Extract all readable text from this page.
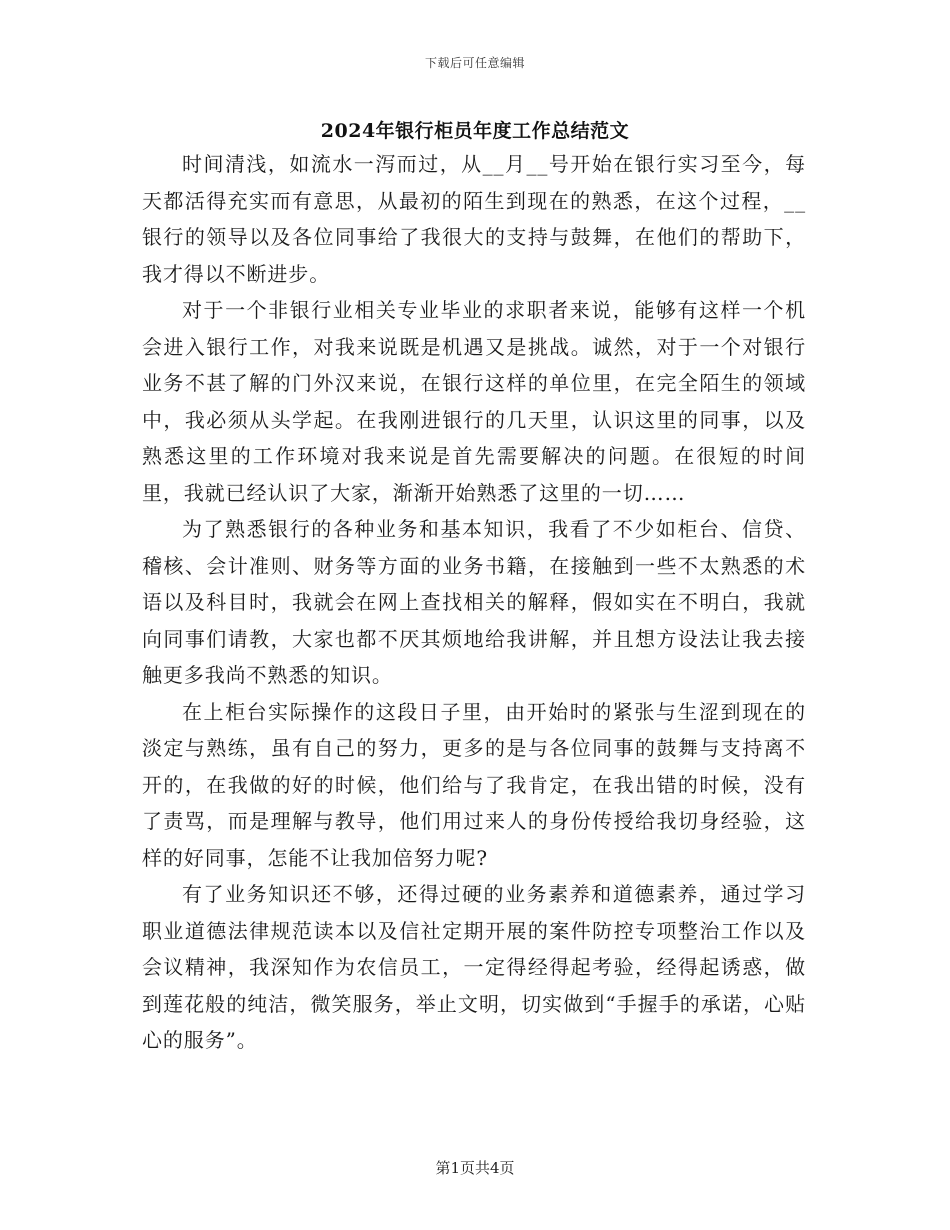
下载后可任意编辑
2024年银行柜员年度工作总结范文

时间清浅，如流水一泻而过，从__月__号开始在银行实习至今，每天都活得充实而有意思，从最初的陌生到现在的熟悉，在这个过程，__银行的领导以及各位同事给了我很大的支持与鼓舞，在他们的帮助下，我才得以不断进步。

对于一个非银行业相关专业毕业的求职者来说，能够有这样一个机会进入银行工作，对我来说既是机遇又是挑战。诚然，对于一个对银行业务不甚了解的门外汉来说，在银行这样的单位里，在完全陌生的领域中，我必须从头学起。在我刚进银行的几天里，认识这里的同事，以及熟悉这里的工作环境对我来说是首先需要解决的问题。在很短的时间里，我就已经认识了大家，渐渐开始熟悉了这里的一切……

为了熟悉银行的各种业务和基本知识，我看了不少如柜台、信贷、稽核、会计准则、财务等方面的业务书籍，在接触到一些不太熟悉的术语以及科目时，我就会在网上查找相关的解释，假如实在不明白，我就向同事们请教，大家也都不厌其烦地给我讲解，并且想方设法让我去接触更多我尚不熟悉的知识。

在上柜台实际操作的这段日子里，由开始时的紧张与生涩到现在的淡定与熟练，虽有自己的努力，更多的是与各位同事的鼓舞与支持离不开的，在我做的好的时候，他们给与了我肯定，在我出错的时候，没有了责骂，而是理解与教导，他们用过来人的身份传授给我切身经验，这样的好同事，怎能不让我加倍努力呢?

有了业务知识还不够，还得过硬的业务素养和道德素养，通过学习职业道德法律规范读本以及信社定期开展的案件防控专项整治工作以及会议精神，我深知作为农信员工，一定得经得起考验，经得起诱惑，做到莲花般的纯洁，微笑服务，举止文明，切实做到“手握手的承诺，心贴心的服务”。

第1页共4页
